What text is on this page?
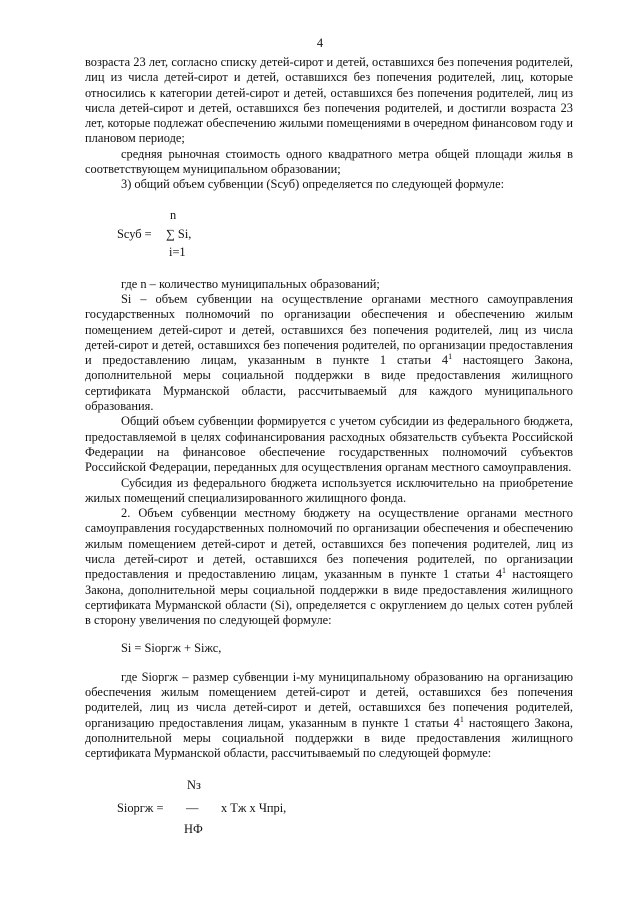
4

возраста 23 лет, согласно списку детей-сирот и детей, оставшихся без попечения родителей, лиц из числа детей-сирот и детей, оставшихся без попечения родителей, лиц, которые относились к категории детей-сирот и детей, оставшихся без попечения родителей, лиц из числа детей-сирот и детей, оставшихся без попечения родителей, и достигли возраста 23 лет, которые подлежат обеспечению жилыми помещениями в очередном финансовом году и плановом периоде;

средняя рыночная стоимость одного квадратного метра общей площади жилья в соответствующем муниципальном образовании;

3) общий объем субвенции (Sсуб) определяется по следующей формуле:

Sсуб =
n
∑ Si,
i=1

где n – количество муниципальных образований;

Si – объем субвенции на осуществление органами местного самоуправления государственных полномочий по организации обеспечения и обеспечению жилым помещением детей-сирот и детей, оставшихся без попечения родителей, лиц из числа детей-сирот и детей, оставшихся без попечения родителей, по организации предоставления и предоставлению лицам, указанным в пункте 1 статьи $4^1$ настоящего Закона, дополнительной меры социальной поддержки в виде предоставления жилищного сертификата Мурманской области, рассчитываемый для каждого муниципального образования.

Общий объем субвенции формируется с учетом субсидии из федерального бюджета, предоставляемой в целях софинансирования расходных обязательств субъекта Российской Федерации на финансовое обеспечение государственных полномочий субъектов Российской Федерации, переданных для осуществления органам местного самоуправления.

Субсидия из федерального бюджета используется исключительно на приобретение жилых помещений специализированного жилищного фонда.

2. Объем субвенции местному бюджету на осуществление органами местного самоуправления государственных полномочий по организации обеспечения и обеспечению жилым помещением детей-сирот и детей, оставшихся без попечения родителей, лиц из числа детей-сирот и детей, оставшихся без попечения родителей, по организации предоставления и предоставлению лицам, указанным в пункте 1 статьи $4^1$ настоящего Закона, дополнительной меры социальной поддержки в виде предоставления жилищного сертификата Мурманской области (Si), определяется с округлением до целых сотен рублей в сторону увеличения по следующей формуле:

Si = Siоргж + Siжс,

где Siоргж – размер субвенции i-му муниципальному образованию на организацию обеспечения жилым помещением детей-сирот и детей, оставшихся без попечения родителей, лиц из числа детей-сирот и детей, оставшихся без попечения родителей, организацию предоставления лицам, указанным в пункте 1 статьи $4^1$ настоящего Закона, дополнительной меры социальной поддержки в виде предоставления жилищного сертификата Мурманской области, рассчитываемый по следующей формуле:

Siоргж =
Nз
—
НФ
х Тж х Чпрi,
